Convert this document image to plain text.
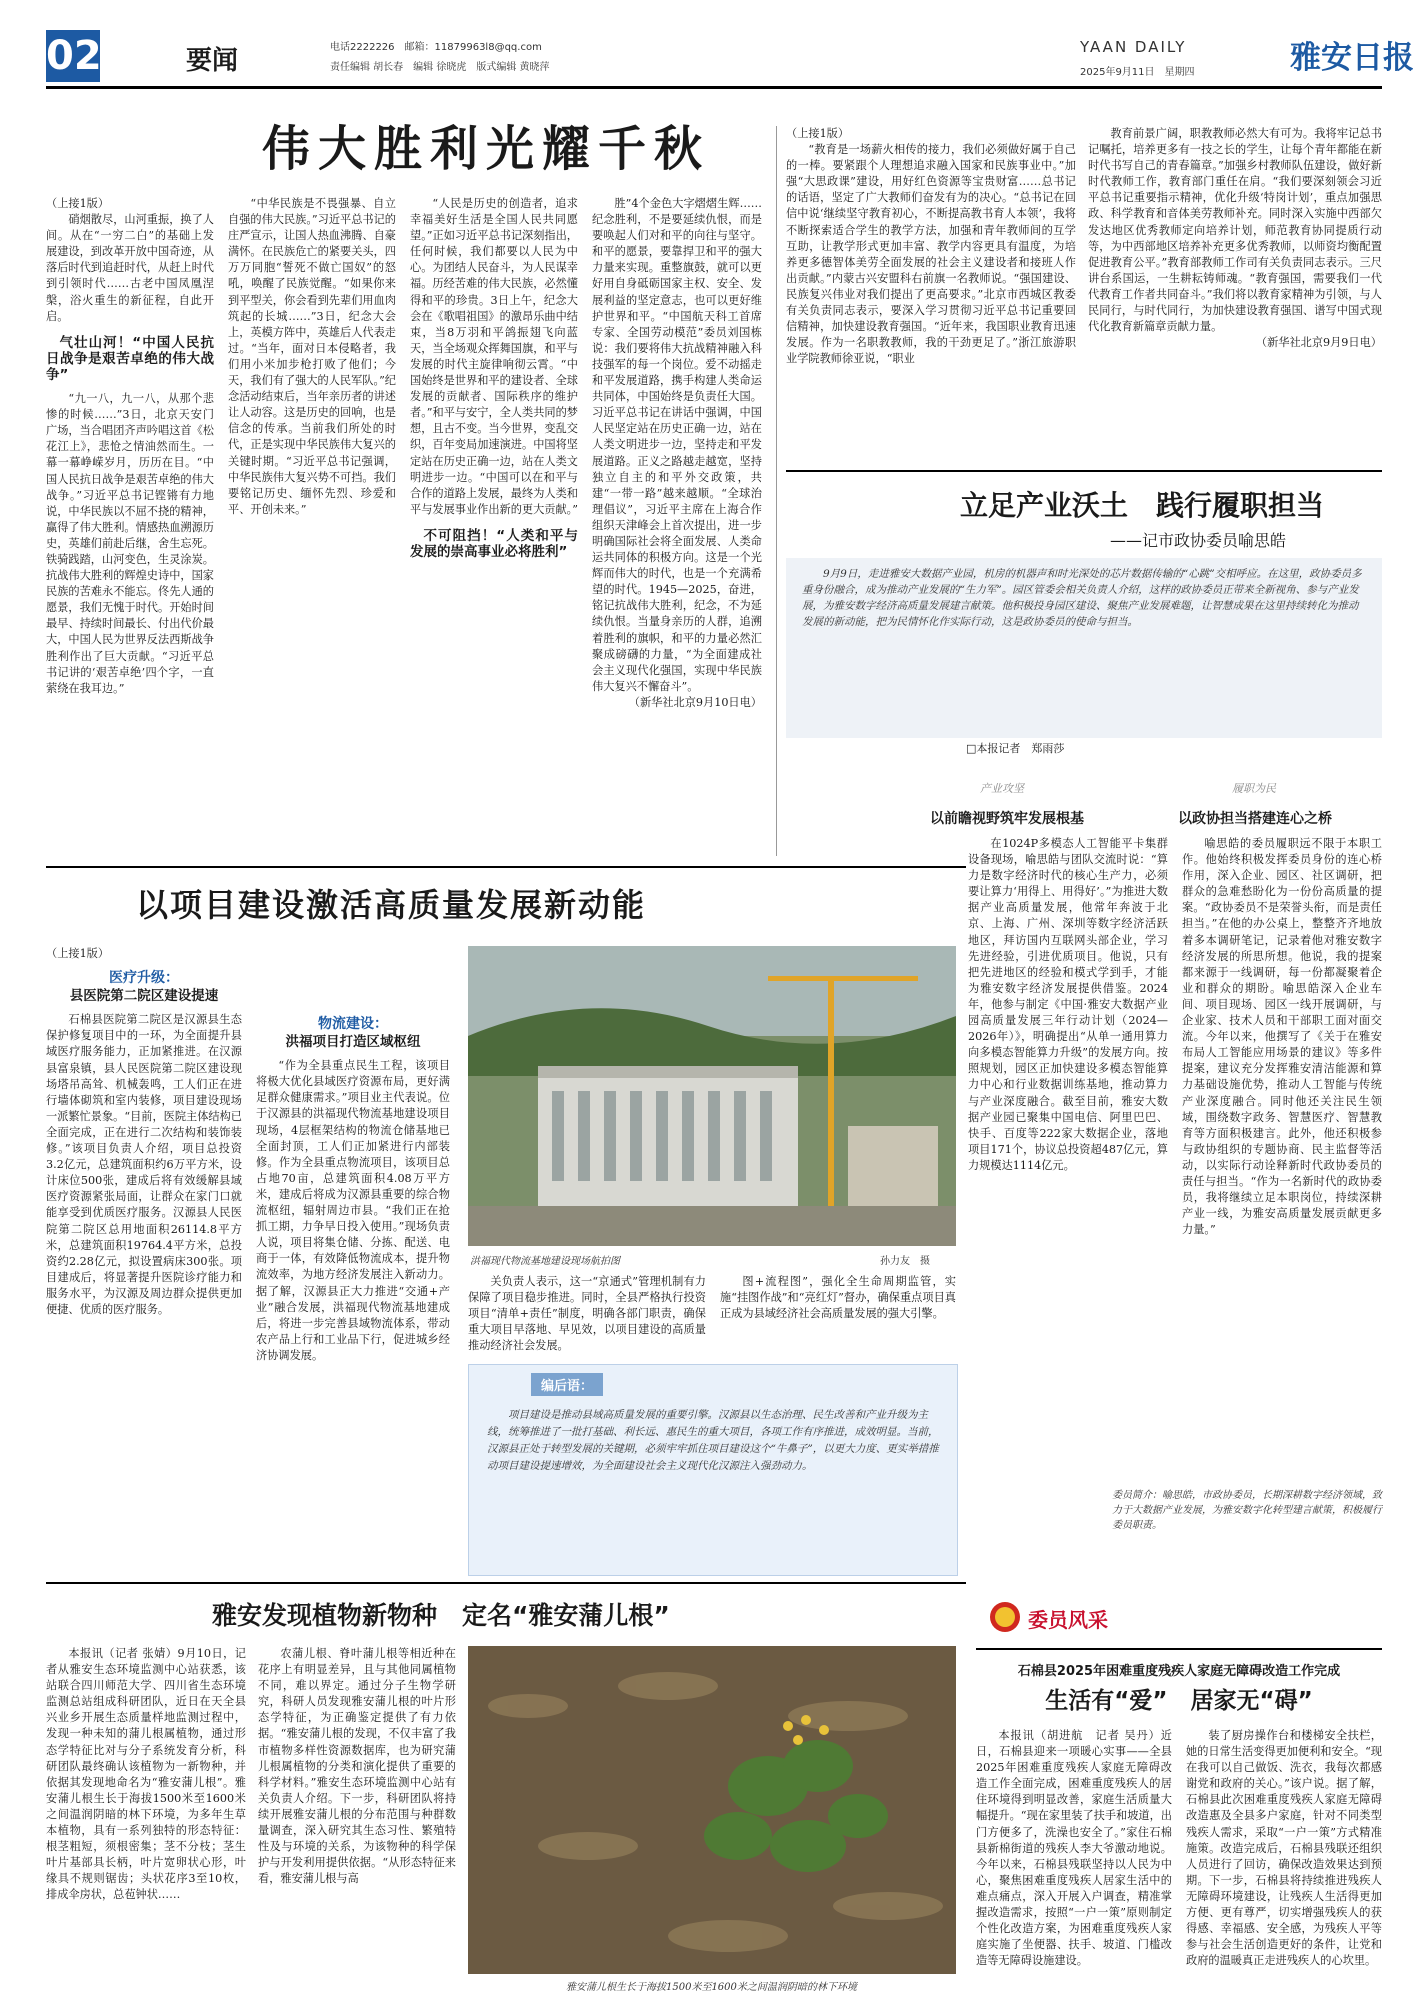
02	要闻	电话2222226　邮箱：11879963l8@qq.com
责任编辑 胡长春　编辑 徐晓虎　版式编辑 黄晓萍
YAAN DAILY
2025年9月11日　星期四	雅安日报
伟大胜利光耀千秋
（上接1版）

硝烟散尽，山河重振，换了人间。从在“一穷二白”的基础上发展建设，到改革开放中国奇迹，从落后时代到追赶时代，从赶上时代到引领时代……古老中国凤凰涅槃，浴火重生的新征程，自此开启。

气壮山河！“中国人民抗日战争是艰苦卓绝的伟大战争”

“九一八，九一八，从那个悲惨的时候……”3日，北京天安门广场，当合唱团齐声吟唱这首《松花江上》，悲怆之情油然而生。一幕一幕峥嵘岁月，历历在目。“中国人民抗日战争是艰苦卓绝的伟大战争。”习近平总书记铿锵有力地说，中华民族以不屈不挠的精神，赢得了伟大胜利。情感热血溯源历史，英雄们前赴后继，舍生忘死。铁骑践踏，山河变色，生灵涂炭。抗战伟大胜利的辉煌史诗中，国家民族的苦难永不能忘。佟先人通的愿景，我们无愧于时代。开始时间最早、持续时间最长、付出代价最大，中国人民为世界反法西斯战争胜利作出了巨大贡献。“习近平总书记讲的‘艰苦卓绝’四个字，一直萦绕在我耳边。”

“中华民族是不畏强暴、自立自强的伟大民族。”习近平总书记的庄严宣示，让国人热血沸腾、自豪满怀。在民族危亡的紧要关头，四万万同胞“誓死不做亡国奴”的怒吼，唤醒了民族觉醒。“如果你来到平型关，你会看到先辈们用血肉筑起的长城……”3日，纪念大会上，英模方阵中，英雄后人代表走过。“当年，面对日本侵略者，我们用小米加步枪打败了他们；今天，我们有了强大的人民军队。”纪念活动结束后，当年亲历者的讲述让人动容。这是历史的回响，也是信念的传承。当前我们所处的时代，正是实现中华民族伟大复兴的关键时期。“习近平总书记强调，中华民族伟大复兴势不可挡。我们要铭记历史、缅怀先烈、珍爱和平、开创未来。”

“人民是历史的创造者，追求幸福美好生活是全国人民共同愿望。”正如习近平总书记深刻指出，任何时候，我们都要以人民为中心。为团结人民奋斗，为人民谋幸福。历经苦难的伟大民族，必然懂得和平的珍贵。3日上午，纪念大会在《歌唱祖国》的激昂乐曲中结束，当8万羽和平鸽振翅飞向蓝天，当全场观众挥舞国旗，和平与发展的时代主旋律响彻云霄。“中国始终是世界和平的建设者、全球发展的贡献者、国际秩序的维护者。”和平与安宁，全人类共同的梦想，且古不变。当今世界，变乱交织，百年变局加速演进。中国将坚定站在历史正确一边，站在人类文明进步一边。“中国可以在和平与合作的道路上发展，最终为人类和平与发展事业作出新的更大贡献。”

不可阻挡！“人类和平与发展的崇高事业必将胜利”

胜”4个金色大字熠熠生辉……纪念胜利，不是要延续仇恨，而是要唤起人们对和平的向往与坚守。和平的愿景，要靠捍卫和平的强大力量来实现。重整旗鼓，就可以更好用自身砥砺国家主权、安全、发展利益的坚定意志，也可以更好维护世界和平。“中国航天科工首席专家、全国劳动模范”委员刘国栋说：我们要将伟大抗战精神融入科技强军的每一个岗位。爱不动摇走和平发展道路，携手构建人类命运共同体，中国始终是负责任大国。习近平总书记在讲话中强调，中国人民坚定站在历史正确一边，站在人类文明进步一边，坚持走和平发展道路。正义之路越走越宽，坚持独立自主的和平外交政策，共建“一带一路”越来越顺。“全球治理倡议”，习近平主席在上海合作组织天津峰会上首次提出，进一步明确国际社会将全面发展、人类命运共同体的积极方向。这是一个光辉而伟大的时代，也是一个充满希望的时代。1945—2025，奋进，铭记抗战伟大胜利，纪念，不为延续仇恨。当量身亲历的人群，追溯着胜利的旗帜，和平的力量必然汇聚成磅礴的力量，“为全面建成社会主义现代化强国，实现中华民族伟大复兴不懈奋斗”。

（新华社北京9月10日电）
（上接1版）

“教育是一场薪火相传的接力，我们必须做好属于自己的一棒。要紧跟个人理想追求融入国家和民族事业中。”加强“大思政课”建设，用好红色资源等宝贵财富……总书记的话语，坚定了广大教师们奋发有为的决心。“总书记在回信中说‘继续坚守教育初心，不断提高教书育人本领’，我将不断探索适合学生的教学方法，加强和青年教师间的互学互助，让教学形式更加丰富、教学内容更具有温度，为培养更多德智体美劳全面发展的社会主义建设者和接班人作出贡献。”内蒙古兴安盟科右前旗一名教师说。“强国建设、民族复兴伟业对我们提出了更高要求。”北京市西城区教委有关负责同志表示，要深入学习贯彻习近平总书记重要回信精神，加快建设教育强国。“近年来，我国职业教育迅速发展。作为一名职教教师，我的干劲更足了。”浙江旅游职业学院教师徐亚说，“职业

教育前景广阔，职教教师必然大有可为。我将牢记总书记嘱托，培养更多有一技之长的学生，让每个青年都能在新时代书写自己的青春篇章。”加强乡村教师队伍建设，做好新时代教师工作，教育部门重任在肩。“我们要深刻领会习近平总书记重要指示精神，优化升级‘特岗计划’，重点加强思政、科学教育和音体美劳教师补充。同时深入实施中西部欠发达地区优秀教师定向培养计划，师范教育协同提质行动等，为中西部地区培养补充更多优秀教师，以师资均衡配置促进教育公平。”教育部教师工作司有关负责同志表示。三尺讲台系国运，一生耕耘铸师魂。“教育强国，需要我们一代代教育工作者共同奋斗。”我们将以教育家精神为引领，与人民同行，与时代同行，为加快建设教育强国、谱写中国式现代化教育新篇章贡献力量。

（新华社北京9月9日电）
立足产业沃土　践行履职担当
——记市政协委员喻思皓
9月9日，走进雅安大数据产业园，机房的机器声和时光深处的芯片数据传输的“心跳”交相呼应。在这里，政协委员多重身份融合，成为推动产业发展的“生力军”。园区管委会相关负责人介绍，这样的政协委员正带来全新视角、参与产业发展，为雅安数字经济高质量发展建言献策。他积极投身园区建设、聚焦产业发展难题，让智慧成果在这里持续转化为推动发展的新动能，把为民情怀化作实际行动，这是政协委员的使命与担当。
□本报记者　郑雨莎
产业攻坚
以前瞻视野筑牢发展根基
履职为民
以政协担当搭建连心之桥

在1024P多模态人工智能平卡集群设备现场，喻思皓与团队交流时说：“算力是数字经济时代的核心生产力，必须要让算力‘用得上、用得好’。”为推进大数据产业高质量发展，他常年奔波于北京、上海、广州、深圳等数字经济活跃地区，拜访国内互联网头部企业，学习先进经验，引进优质项目。他说，只有把先进地区的经验和模式学到手，才能为雅安数字经济发展提供借鉴。2024年，他参与制定《中国·雅安大数据产业园高质量发展三年行动计划（2024—2026年）》，明确提出“从单一通用算力向多模态智能算力升级”的发展方向。按照规划，园区正加快建设多模态智能算力中心和行业数据训练基地，推动算力与产业深度融合。截至目前，雅安大数据产业园已聚集中国电信、阿里巴巴、快手、百度等222家大数据企业，落地项目171个，协议总投资超487亿元，算力规模达1114亿元。

喻思皓的委员履职远不限于本职工作。他始终积极发挥委员身份的连心桥作用，深入企业、园区、社区调研，把群众的急难愁盼化为一份份高质量的提案。“政协委员不是荣誉头衔，而是责任担当。”在他的办公桌上，整整齐齐地放着多本调研笔记，记录着他对雅安数字经济发展的所思所想。他说，我的提案都来源于一线调研，每一份都凝聚着企业和群众的期盼。喻思皓深入企业车间、项目现场、园区一线开展调研，与企业家、技术人员和干部职工面对面交流。今年以来，他撰写了《关于在雅安布局人工智能应用场景的建议》等多件提案，建议充分发挥雅安清洁能源和算力基础设施优势，推动人工智能与传统产业深度融合。同时他还关注民生领域，围绕数字政务、智慧医疗、智慧教育等方面积极建言。此外，他还积极参与政协组织的专题协商、民主监督等活动，以实际行动诠释新时代政协委员的责任与担当。“作为一名新时代的政协委员，我将继续立足本职岗位，持续深耕产业一线，为雅安高质量发展贡献更多力量。”

委员简介：喻思皓，市政协委员，长期深耕数字经济领域，致力于大数据产业发展，为雅安数字化转型建言献策，积极履行委员职责。
委员风采
以项目建设激活高质量发展新动能
（上接1版）
医疗升级：
县医院第二院区建设提速

石棉县医院第二院区是汉源县生态保护修复项目中的一环，为全面提升县域医疗服务能力，正加紧推进。在汉源县富泉镇，县人民医院第二院区建设现场塔吊高耸、机械轰鸣，工人们正在进行墙体砌筑和室内装修，项目建设现场一派繁忙景象。“目前，医院主体结构已全面完成，正在进行二次结构和装饰装修。”该项目负责人介绍，项目总投资3.2亿元，总建筑面积约6万平方米，设计床位500张，建成后将有效缓解县域医疗资源紧张局面，让群众在家门口就能享受到优质医疗服务。汉源县人民医院第二院区总用地面积26114.8平方米，总建筑面积19764.4平方米，总投资约2.28亿元，拟设置病床300张。项目建成后，将显著提升医院诊疗能力和服务水平，为汉源及周边群众提供更加便捷、优质的医疗服务。

物流建设：
洪福项目打造区域枢纽

“作为全县重点民生工程，该项目将极大优化县域医疗资源布局，更好满足群众健康需求。”项目业主代表说。位于汉源县的洪福现代物流基地建设项目现场，4层框架结构的物流仓储基地已全面封顶，工人们正加紧进行内部装修。作为全县重点物流项目，该项目总占地70亩，总建筑面积4.08万平方米，建成后将成为汉源县重要的综合物流枢纽，辐射周边市县。“我们正在抢抓工期，力争早日投入使用。”现场负责人说，项目将集仓储、分拣、配送、电商于一体，有效降低物流成本，提升物流效率，为地方经济发展注入新动力。据了解，汉源县正大力推进“交通+产业”融合发展，洪福现代物流基地建成后，将进一步完善县域物流体系，带动农产品上行和工业品下行，促进城乡经济协调发展。

洪福现代物流基地建设现场航拍图	孙力友　摄

关负责人表示，这一“京通式”管理机制有力保障了项目稳步推进。同时，全县严格执行投资项目“清单+责任”制度，明确各部门职责，确保重大项目早落地、早见效，以项目建设的高质量推动经济社会发展。

图+流程图”，强化全生命周期监管，实施“挂图作战”和“亮红灯”督办，确保重点项目真正成为县域经济社会高质量发展的强大引擎。

编后语：
项目建设是推动县域高质量发展的重要引擎。汉源县以生态治理、民生改善和产业升级为主线，统筹推进了一批打基础、利长远、惠民生的重大项目，各项工作有序推进，成效明显。当前，汉源县正处于转型发展的关键期，必须牢牢抓住项目建设这个“牛鼻子”，以更大力度、更实举措推动项目建设提速增效，为全面建设社会主义现代化汉源注入强劲动力。
雅安发现植物新物种　定名“雅安蒲儿根”

本报讯（记者 张婧）9月10日，记者从雅安生态环境监测中心站获悉，该站联合四川师范大学、四川省生态环境监测总站组成科研团队，近日在天全县兴业乡开展生态质量样地监测过程中，发现一种未知的蒲儿根属植物，通过形态学特征比对与分子系统发育分析，科研团队最终确认该植物为一新物种，并依据其发现地命名为“雅安蒲儿根”。雅安蒲儿根生长于海拔1500米至1600米之间温润阴暗的林下环境，为多年生草本植物，具有一系列独特的形态特征：根茎粗短，须根密集；茎不分枝；茎生叶片基部具长柄，叶片宽卵状心形，叶缘具不规则锯齿；头状花序3至10枚，排成伞房状，总苞钟状……

农蒲儿根、脊叶蒲儿根等相近种在花序上有明显差异，且与其他同属植物不同，难以界定。通过分子生物学研究，科研人员发现雅安蒲儿根的叶片形态学特征，为正确鉴定提供了有力依据。“雅安蒲儿根的发现，不仅丰富了我市植物多样性资源数据库，也为研究蒲儿根属植物的分类和演化提供了重要的科学材料。”雅安生态环境监测中心站有关负责人介绍。下一步，科研团队将持续开展雅安蒲儿根的分布范围与种群数量调查，深入研究其生态习性、繁殖特性及与环境的关系，为该物种的科学保护与开发利用提供依据。“从形态特征来看，雅安蒲儿根与高

雅安蒲儿根生长于海拔1500米至1600米之间温润阴暗的林下环境
石棉县2025年困难重度残疾人家庭无障碍改造工作完成
生活有“爱”　居家无“碍”

本报讯（胡进航　记者 吴丹）近日，石棉县迎来一项暖心实事——全县2025年困难重度残疾人家庭无障碍改造工作全面完成，困难重度残疾人的居住环境得到明显改善，家庭生活质量大幅提升。“现在家里装了扶手和坡道，出门方便多了，洗澡也安全了。”家住石棉县新棉街道的残疾人李大爷激动地说。今年以来，石棉县残联坚持以人民为中心，聚焦困难重度残疾人居家生活中的难点痛点，深入开展入户调查，精准掌握改造需求，按照“一户一策”原则制定个性化改造方案，为困难重度残疾人家庭实施了坐便器、扶手、坡道、门槛改造等无障碍设施建设。

装了厨房操作台和楼梯安全扶栏，她的日常生活变得更加便利和安全。“现在我可以自己做饭、洗衣，我每次都感谢党和政府的关心。”该户说。据了解，石棉县此次困难重度残疾人家庭无障碍改造惠及全县多户家庭，针对不同类型残疾人需求，采取“一户一策”方式精准施策。改造完成后，石棉县残联还组织人员进行了回访，确保改造效果达到预期。下一步，石棉县将持续推进残疾人无障碍环境建设，让残疾人生活得更加方便、更有尊严，切实增强残疾人的获得感、幸福感、安全感，为残疾人平等参与社会生活创造更好的条件，让党和政府的温暖真正走进残疾人的心坎里。
